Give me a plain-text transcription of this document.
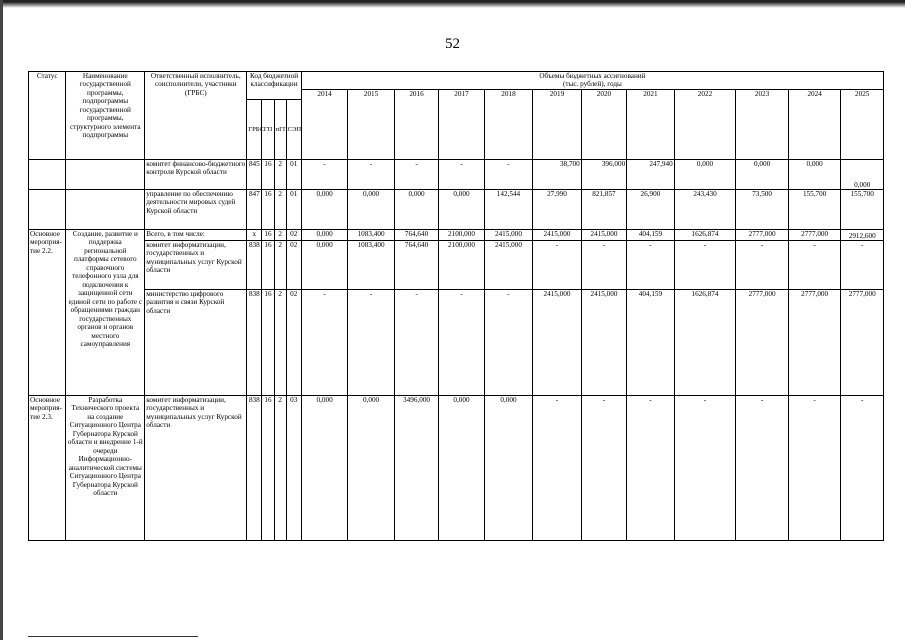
52
Статус	Наименование государственной программы, подпрограммы государственной программы, структурного элемента подпрограммы	Ответственный исполнитель, соисполнители, участники (ГРБС)	Код бюджетной классификации				Объемы бюджетных ассигнований
(тыс. рублей), годы											
							2014	2015	2016	2017	2018	2019	2020	2021	2022	2023	2024	2025
			ГРБС	ГП	пГП	СЭП												
		комитет финансово-бюджетного контроля Курской области	845	16	2	01	-	-	-	-	-	38,700	396,000	247,940	0,000	0,000	0,000	0,000
		управление по обеспечению деятельности мировых судей Курской области	847	16	2	01	0,000	0,000	0,000	0,000	142,544	27,990	821,857	26,900	243,430	73,500	155,700	155,700
Основное мероприя-тие 2.2.	Создание, развитие и поддержка региональной платформы сетевого справочного телефонного узла для подключения к защищенной сети единой сети по работе с обращениями граждан государственных органов и органов местного самоуправления	Всего, в том числе:	x	16	2	02	0,000	1083,400	764,640	2100,000	2415,000	2415,000	2415,000	404,159	1626,874	2777,000	2777,000	2912,600
		комитет информатизации, государственных и муниципальных услуг Курской области	838	16	2	02	0,000	1083,400	764,640	2100,000	2415,000	-	-	-	-	-	-	-
		министерство цифрового развития и связи Курской области	838	16	2	02	-	-	-	-	-	2415,000	2415,000	404,159	1626,874	2777,000	2777,000	2777,000
Основное мероприя-тие 2.3.	Разработка Технического проекта на создание Ситуационного Центра Губернатора Курской области и внедрение 1-й очереди Информационно-аналитической системы Ситуационного Центра Губернатора Курской области	комитет информатизации, государственных и муниципальных услуг Курской области	838	16	2	03	0,000	0,000	3496,000	0,000	0,000	-	-	-	-	-	-	-
